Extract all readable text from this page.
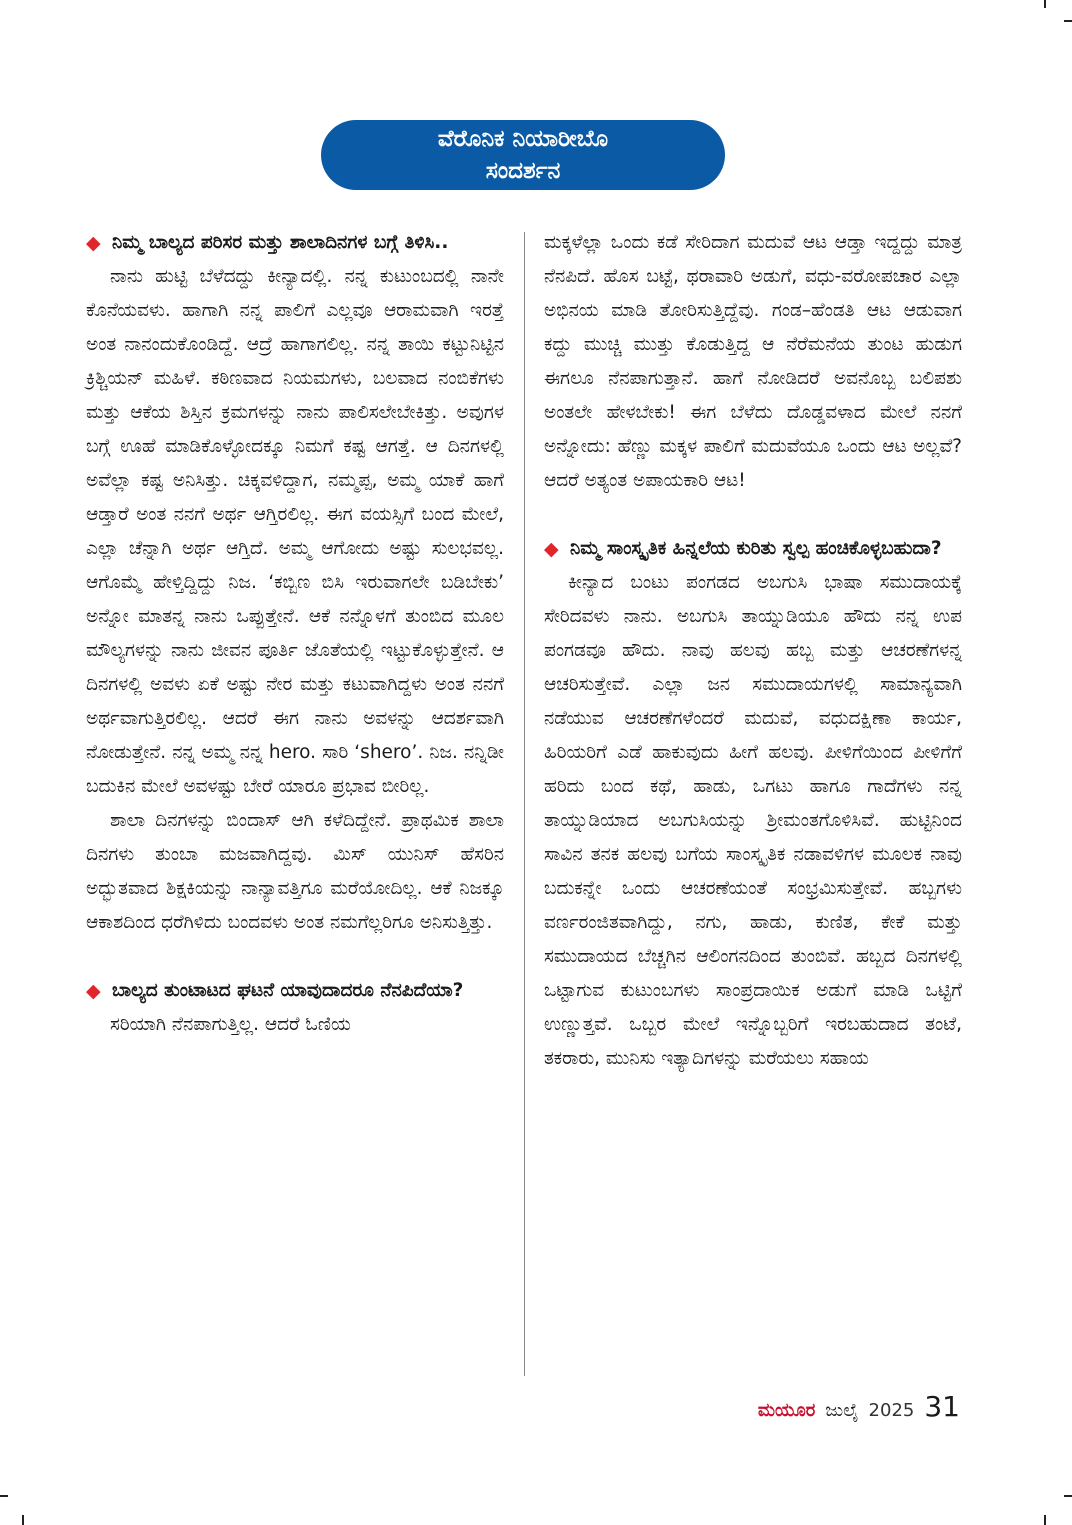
ವೆರೊನಿಕ ನಿಯಾರೀಬೊ
ಸಂದರ್ಶನ

◆ ನಿಮ್ಮ ಬಾಲ್ಯದ ಪರಿಸರ ಮತ್ತು ಶಾಲಾದಿನಗಳ ಬಗ್ಗೆ ತಿಳಿಸಿ..

ನಾನು ಹುಟ್ಟಿ ಬೆಳೆದದ್ದು ಕೀನ್ಯಾದಲ್ಲಿ. ನನ್ನ ಕುಟುಂಬದಲ್ಲಿ ನಾನೇ ಕೊನೆಯವಳು. ಹಾಗಾಗಿ ನನ್ನ ಪಾಲಿಗೆ ಎಲ್ಲವೂ ಆರಾಮವಾಗಿ ಇರತ್ತೆ ಅಂತ ನಾನಂದುಕೊಂಡಿದ್ದೆ. ಆದ್ರೆ ಹಾಗಾಗಲಿಲ್ಲ. ನನ್ನ ತಾಯಿ ಕಟ್ಟುನಿಟ್ಟಿನ ಕ್ರಿಶ್ಚಿಯನ್ ಮಹಿಳೆ. ಕಠಿಣವಾದ ನಿಯಮಗಳು, ಬಲವಾದ ನಂಬಿಕೆಗಳು ಮತ್ತು ಆಕೆಯ ಶಿಸ್ತಿನ ಕ್ರಮಗಳನ್ನು ನಾನು ಪಾಲಿಸಲೇಬೇಕಿತ್ತು. ಅವುಗಳ ಬಗ್ಗೆ ಊಹೆ ಮಾಡಿಕೊಳ್ಳೋದಕ್ಕೂ ನಿಮಗೆ ಕಷ್ಟ ಆಗತ್ತೆ. ಆ ದಿನಗಳಲ್ಲಿ ಅವೆಲ್ಲಾ ಕಷ್ಟ ಅನಿಸಿತ್ತು. ಚಿಕ್ಕವಳಿದ್ದಾಗ, ನಮ್ಮಪ್ಪ, ಅಮ್ಮ ಯಾಕೆ ಹಾಗೆ ಆಡ್ತಾರೆ ಅಂತ ನನಗೆ ಅರ್ಥ ಆಗ್ತಿರಲಿಲ್ಲ. ಈಗ ವಯಸ್ಸಿಗೆ ಬಂದ ಮೇಲೆ, ಎಲ್ಲಾ ಚೆನ್ನಾಗಿ ಅರ್ಥ ಆಗ್ತಿದೆ. ಅಮ್ಮ ಆಗೋದು ಅಷ್ಟು ಸುಲಭವಲ್ಲ. ಆಗೊಮ್ಮೆ ಹೇಳ್ತಿದ್ದಿದ್ದು ನಿಜ. ‘ಕಬ್ಬಿಣ ಬಿಸಿ ಇರುವಾಗಲೇ ಬಡಿಬೇಕು’ ಅನ್ನೋ ಮಾತನ್ನ ನಾನು ಒಪ್ಪುತ್ತೇನೆ. ಆಕೆ ನನ್ನೊಳಗೆ ತುಂಬಿದ ಮೂಲ ಮೌಲ್ಯಗಳನ್ನು ನಾನು ಜೀವನ ಪೂರ್ತಿ ಜೊತೆಯಲ್ಲಿ ಇಟ್ಟುಕೊಳ್ಳುತ್ತೇನೆ. ಆ ದಿನಗಳಲ್ಲಿ ಅವಳು ಏಕೆ ಅಷ್ಟು ನೇರ ಮತ್ತು ಕಟುವಾಗಿದ್ದಳು ಅಂತ ನನಗೆ ಅರ್ಥವಾಗುತ್ತಿರಲಿಲ್ಲ. ಆದರೆ ಈಗ ನಾನು ಅವಳನ್ನು ಆದರ್ಶವಾಗಿ ನೋಡುತ್ತೇನೆ. ನನ್ನ ಅಮ್ಮ ನನ್ನ hero. ಸಾರಿ ‘shero’. ನಿಜ. ನನ್ನಿಡೀ ಬದುಕಿನ ಮೇಲೆ ಅವಳಷ್ಟು ಬೇರೆ ಯಾರೂ ಪ್ರಭಾವ ಬೀರಿಲ್ಲ.

ಶಾಲಾ ದಿನಗಳನ್ನು ಬಿಂದಾಸ್ ಆಗಿ ಕಳೆದಿದ್ದೇನೆ. ಪ್ರಾಥಮಿಕ ಶಾಲಾ ದಿನಗಳು ತುಂಬಾ ಮಜವಾಗಿದ್ದವು. ಮಿಸ್ ಯುನಿಸ್ ಹೆಸರಿನ ಅದ್ಭುತವಾದ ಶಿಕ್ಷಕಿಯನ್ನು ನಾನ್ಯಾವತ್ತಿಗೂ ಮರೆಯೋದಿಲ್ಲ. ಆಕೆ ನಿಜಕ್ಕೂ ಆಕಾಶದಿಂದ ಧರೆಗಿಳಿದು ಬಂದವಳು ಅಂತ ನಮಗೆಲ್ಲರಿಗೂ ಅನಿಸುತ್ತಿತ್ತು.

◆ ಬಾಲ್ಯದ ತುಂಟಾಟದ ಘಟನೆ ಯಾವುದಾದರೂ ನೆನಪಿದೆಯಾ?

ಸರಿಯಾಗಿ ನೆನಪಾಗುತ್ತಿಲ್ಲ. ಆದರೆ ಓಣಿಯ

ಮಕ್ಕಳೆಲ್ಲಾ ಒಂದು ಕಡೆ ಸೇರಿದಾಗ ಮದುವೆ ಆಟ ಆಡ್ತಾ ಇದ್ದದ್ದು ಮಾತ್ರ ನೆನಪಿದೆ. ಹೊಸ ಬಟ್ಟೆ, ಥರಾವಾರಿ ಅಡುಗೆ, ವಧು-ವರೋಪಚಾರ ಎಲ್ಲಾ ಅಭಿನಯ ಮಾಡಿ ತೋರಿಸುತ್ತಿದ್ದೆವು. ಗಂಡ–ಹೆಂಡತಿ ಆಟ ಆಡುವಾಗ ಕದ್ದು ಮುಚ್ಚಿ ಮುತ್ತು ಕೊಡುತ್ತಿದ್ದ ಆ ನೆರೆಮನೆಯ ತುಂಟ ಹುಡುಗ ಈಗಲೂ ನೆನಪಾಗುತ್ತಾನೆ. ಹಾಗೆ ನೋಡಿದರೆ ಅವನೊಬ್ಬ ಬಲಿಪಶು ಅಂತಲೇ ಹೇಳಬೇಕು! ಈಗ ಬೆಳೆದು ದೊಡ್ಡವಳಾದ ಮೇಲೆ ನನಗೆ ಅನ್ನೋದು: ಹೆಣ್ಣು ಮಕ್ಕಳ ಪಾಲಿಗೆ ಮದುವೆಯೂ ಒಂದು ಆಟ ಅಲ್ಲವೆ? ಆದರೆ ಅತ್ಯಂತ ಅಪಾಯಕಾರಿ ಆಟ!

◆ ನಿಮ್ಮ ಸಾಂಸ್ಕೃತಿಕ ಹಿನ್ನಲೆಯ ಕುರಿತು ಸ್ವಲ್ಪ ಹಂಚಿಕೊಳ್ಳಬಹುದಾ?

ಕೀನ್ಯಾದ ಬಂಟು ಪಂಗಡದ ಅಬಗುಸಿ ಭಾಷಾ ಸಮುದಾಯಕ್ಕೆ ಸೇರಿದವಳು ನಾನು. ಅಬಗುಸಿ ತಾಯ್ನುಡಿಯೂ ಹೌದು ನನ್ನ ಉಪ ಪಂಗಡವೂ ಹೌದು. ನಾವು ಹಲವು ಹಬ್ಬ ಮತ್ತು ಆಚರಣೆಗಳನ್ನ ಆಚರಿಸುತ್ತೇವೆ. ಎಲ್ಲಾ ಜನ ಸಮುದಾಯಗಳಲ್ಲಿ ಸಾಮಾನ್ಯವಾಗಿ ನಡೆಯುವ ಆಚರಣೆಗಳೆಂದರೆ ಮದುವೆ, ವಧುದಕ್ಷಿಣಾ ಕಾರ್ಯ, ಹಿರಿಯರಿಗೆ ಎಡೆ ಹಾಕುವುದು ಹೀಗೆ ಹಲವು. ಪೀಳಿಗೆಯಿಂದ ಪೀಳಿಗೆಗೆ ಹರಿದು ಬಂದ ಕಥೆ, ಹಾಡು, ಒಗಟು ಹಾಗೂ ಗಾದೆಗಳು ನನ್ನ ತಾಯ್ನುಡಿಯಾದ ಅಬಗುಸಿಯನ್ನು ಶ್ರೀಮಂತಗೊಳಿಸಿವೆ. ಹುಟ್ಟಿನಿಂದ ಸಾವಿನ ತನಕ ಹಲವು ಬಗೆಯ ಸಾಂಸ್ಕೃತಿಕ ನಡಾವಳಿಗಳ ಮೂಲಕ ನಾವು ಬದುಕನ್ನೇ ಒಂದು ಆಚರಣೆಯಂತೆ ಸಂಭ್ರಮಿಸುತ್ತೇವೆ. ಹಬ್ಬಗಳು ವರ್ಣರಂಜಿತವಾಗಿದ್ದು, ನಗು, ಹಾಡು, ಕುಣಿತ, ಕೇಕೆ ಮತ್ತು ಸಮುದಾಯದ ಬೆಚ್ಚಗಿನ ಆಲಿಂಗನದಿಂದ ತುಂಬಿವೆ. ಹಬ್ಬದ ದಿನಗಳಲ್ಲಿ ಒಟ್ಟಾಗುವ ಕುಟುಂಬಗಳು ಸಾಂಪ್ರದಾಯಿಕ ಅಡುಗೆ ಮಾಡಿ ಒಟ್ಟಿಗೆ ಉಣ್ಣುತ್ತವೆ. ಒಬ್ಬರ ಮೇಲೆ ಇನ್ನೊಬ್ಬರಿಗೆ ಇರಬಹುದಾದ ತಂಟೆ, ತಕರಾರು, ಮುನಿಸು ಇತ್ಯಾದಿಗಳನ್ನು ಮರೆಯಲು ಸಹಾಯ

ಮಯೂರ ಜುಲೈ 2025 31
